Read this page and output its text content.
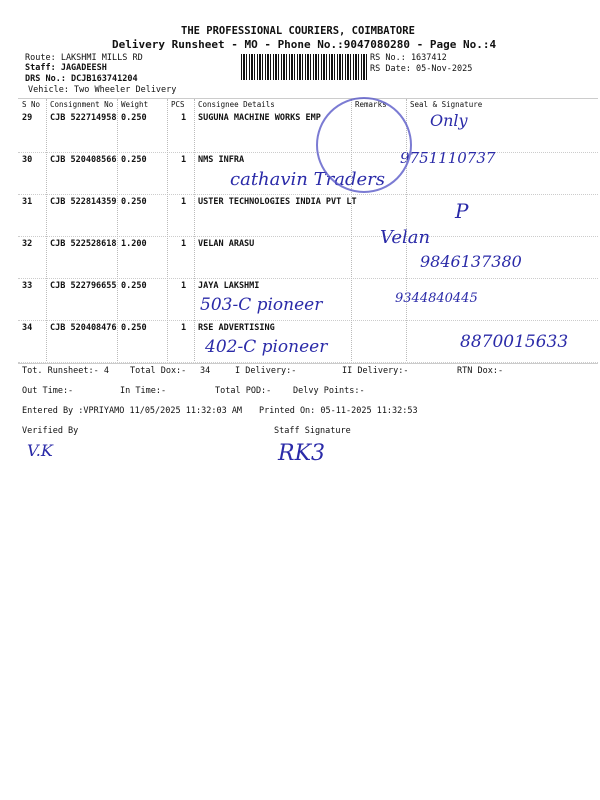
THE PROFESSIONAL COURIERS, COIMBATORE
Delivery Runsheet - MO - Phone No.:9047080280 - Page No.:4
Route: LAKSHMI MILLS RD
Staff: JAGADEESH
DRS No.: DCJB163741204
Vehicle: Two Wheeler Delivery
RS No.: 1637412
RS Date: 05-Nov-2025
S No Consignment No Weight	PCS Consignee Details	Remarks	Seal & Signature
29 CJB 522714958 0.250	1 SUGUNA MACHINE WORKS EMP	Only
30 CJB 520408566 0.250	1 NMS INFRA
cathavin Traders
9751110737
31 CJB 522814359 0.250	1 USTER TECHNOLOGIES INDIA PVT LT	P
32 CJB 522528618 1.200	1 VELAN ARASU	Velan
9846137380
33 CJB 522796655 0.250	1 JAYA LAKSHMI
503-C pioneer	9344840445
34 CJB 520408476 0.250	1 RSE ADVERTISING
402-C pioneer	8870015633
Tot. Runsheet:- 4 Total Dox:- 34	I Delivery:-	II Delivery:-	RTN Dox:-
Out Time:-	In Time:-	Total POD:-	Delvy Points:-
Entered By :VPRIYAMO 11/05/2025 11:32:03 AM Printed On: 05-11-2025 11:32:53
Verified By	Staff Signature
V.K	RK3
